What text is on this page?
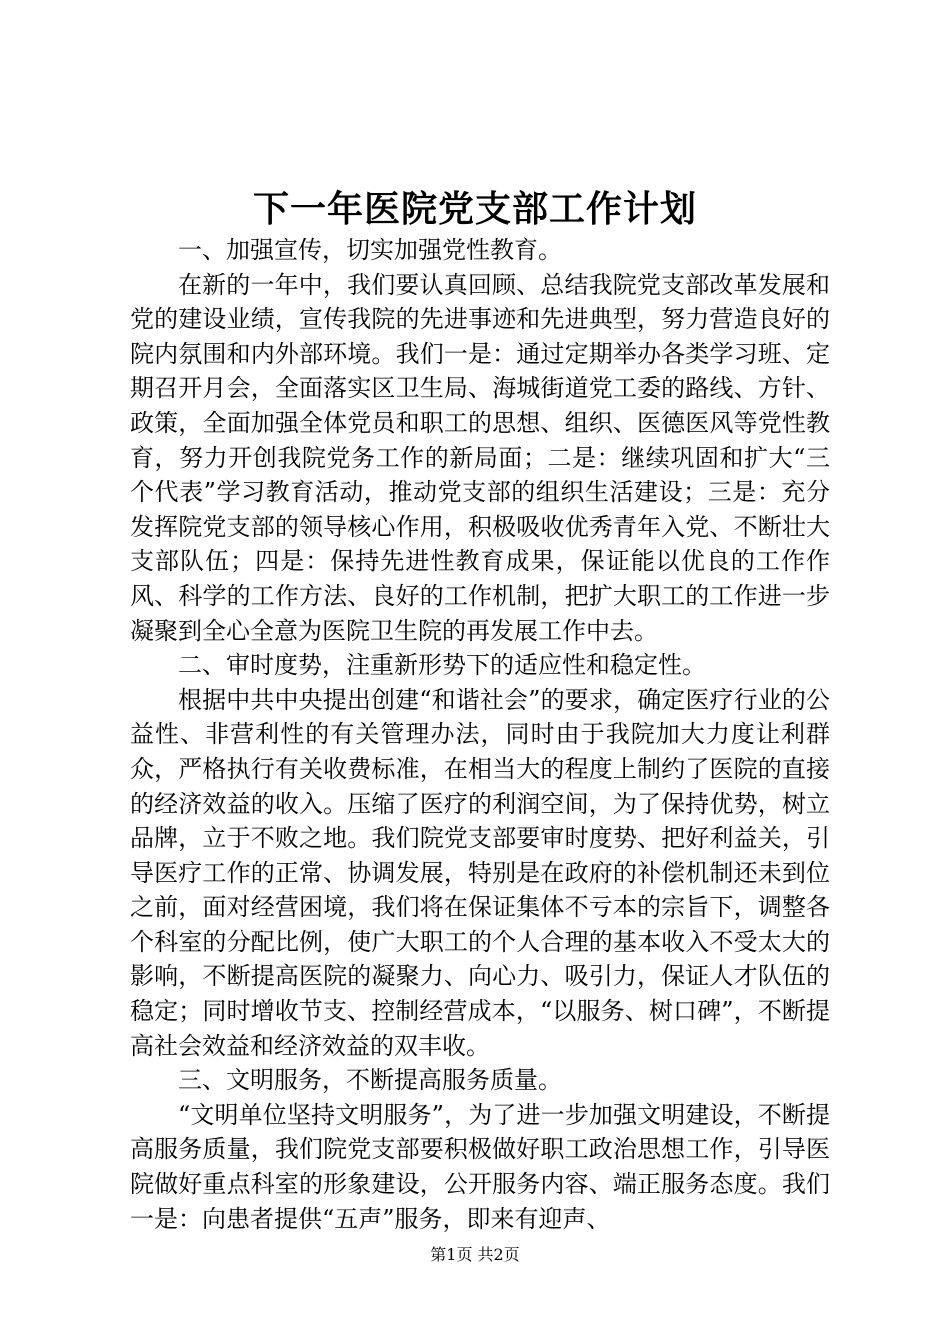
下一年医院党支部工作计划

一、加强宣传，切实加强党性教育。

在新的一年中，我们要认真回顾、总结我院党支部改革发展和党的建设业绩，宣传我院的先进事迹和先进典型，努力营造良好的院内氛围和内外部环境。我们一是：通过定期举办各类学习班、定期召开月会，全面落实区卫生局、海城街道党工委的路线、方针、政策，全面加强全体党员和职工的思想、组织、医德医风等党性教育，努力开创我院党务工作的新局面；二是：继续巩固和扩大“三个代表”学习教育活动，推动党支部的组织生活建设；三是：充分发挥院党支部的领导核心作用，积极吸收优秀青年入党、不断壮大支部队伍；四是：保持先进性教育成果，保证能以优良的工作作风、科学的工作方法、良好的工作机制，把扩大职工的工作进一步凝聚到全心全意为医院卫生院的再发展工作中去。

二、审时度势，注重新形势下的适应性和稳定性。

根据中共中央提出创建“和谐社会”的要求，确定医疗行业的公益性、非营利性的有关管理办法，同时由于我院加大力度让利群众，严格执行有关收费标准，在相当大的程度上制约了医院的直接的经济效益的收入。压缩了医疗的利润空间，为了保持优势，树立品牌，立于不败之地。我们院党支部要审时度势、把好利益关，引导医疗工作的正常、协调发展，特别是在政府的补偿机制还未到位之前，面对经营困境，我们将在保证集体不亏本的宗旨下，调整各个科室的分配比例，使广大职工的个人合理的基本收入不受太大的影响，不断提高医院的凝聚力、向心力、吸引力，保证人才队伍的稳定；同时增收节支、控制经营成本，“以服务、树口碑”，不断提高社会效益和经济效益的双丰收。

三、文明服务，不断提高服务质量。

“文明单位坚持文明服务”，为了进一步加强文明建设，不断提高服务质量，我们院党支部要积极做好职工政治思想工作，引导医院做好重点科室的形象建设，公开服务内容、端正服务态度。我们一是：向患者提供“五声”服务，即来有迎声、

第1页 共2页
